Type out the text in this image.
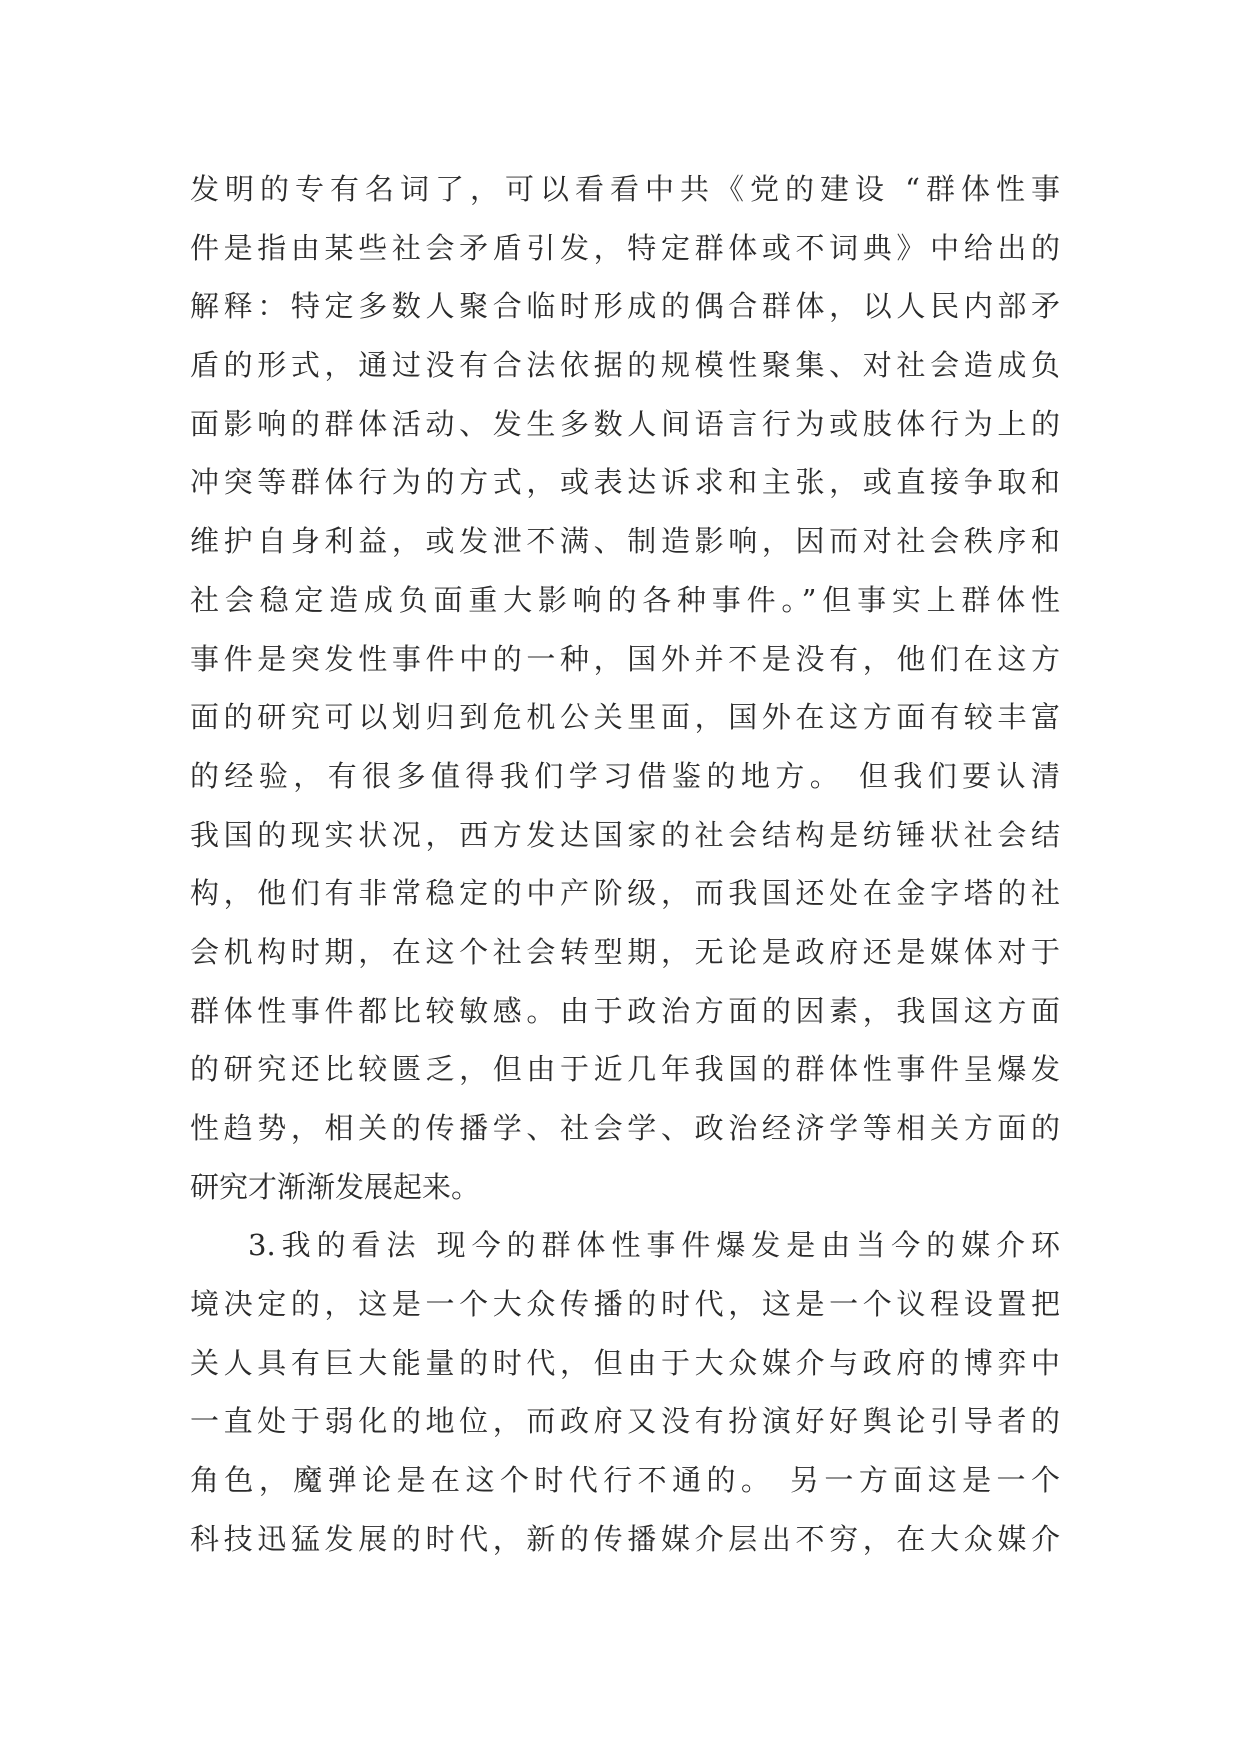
发明的专有名词了，可以看看中共《党的建设 “群体性事
件是指由某些社会矛盾引发，特定群体或不词典》中给出的
解释：特定多数人聚合临时形成的偶合群体，以人民内部矛
盾的形式，通过没有合法依据的规模性聚集、对社会造成负
面影响的群体活动、发生多数人间语言行为或肢体行为上的
冲突等群体行为的方式，或表达诉求和主张，或直接争取和
维护自身利益，或发泄不满、制造影响，因而对社会秩序和
社会稳定造成负面重大影响的各种事件。”但事实上群体性
事件是突发性事件中的一种，国外并不是没有，他们在这方
面的研究可以划归到危机公关里面，国外在这方面有较丰富
的经验，有很多值得我们学习借鉴的地方。 但我们要认清
我国的现实状况，西方发达国家的社会结构是纺锤状社会结
构，他们有非常稳定的中产阶级，而我国还处在金字塔的社
会机构时期，在这个社会转型期，无论是政府还是媒体对于
群体性事件都比较敏感。由于政治方面的因素，我国这方面
的研究还比较匮乏，但由于近几年我国的群体性事件呈爆发
性趋势，相关的传播学、社会学、政治经济学等相关方面的
研究才渐渐发展起来。
3.我的看法 现今的群体性事件爆发是由当今的媒介环
境决定的，这是一个大众传播的时代，这是一个议程设置把
关人具有巨大能量的时代，但由于大众媒介与政府的博弈中
一直处于弱化的地位，而政府又没有扮演好好舆论引导者的
角色，魔弹论是在这个时代行不通的。 另一方面这是一个
科技迅猛发展的时代，新的传播媒介层出不穷，在大众媒介
